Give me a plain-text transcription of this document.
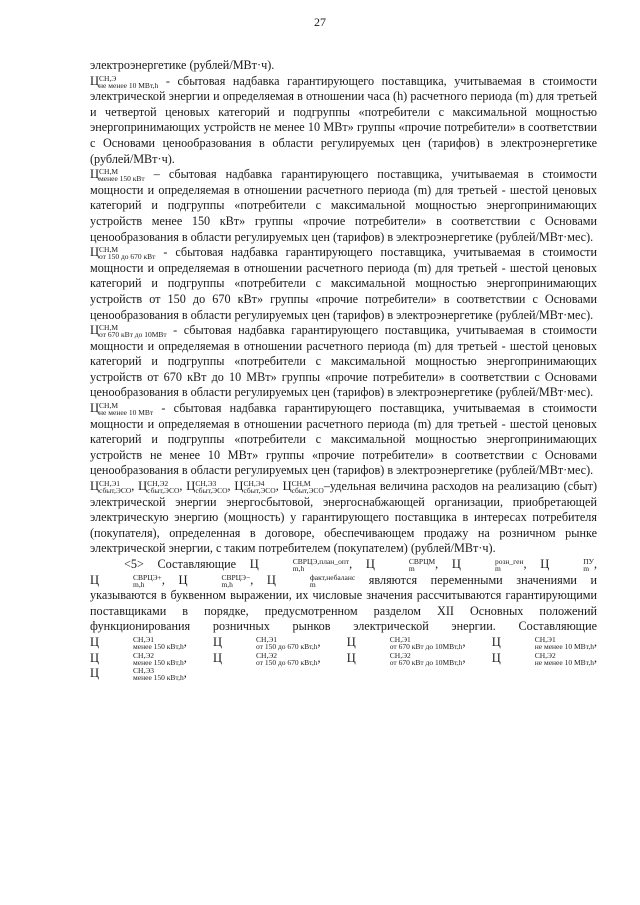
27

электроэнергетике (рублей/МВт·ч).

Ц СН,Э
не менее 10 МВт,h - сбытовая надбавка гарантирующего поставщика, учитываемая в стоимости электрической энергии и определяемая в отношении часа (h) расчетного периода (m) для третьей и четвертой ценовых категорий и подгруппы «потребители с максимальной мощностью энергопринимающих устройств не менее 10 МВт» группы «прочие потребители» в соответствии с Основами ценообразования в области регулируемых цен (тарифов) в электроэнергетике (рублей/МВт·ч).

Ц СН,М
менее 150 кВт – сбытовая надбавка гарантирующего поставщика, учитываемая в стоимости мощности и определяемая в отношении расчетного периода (m) для третьей - шестой ценовых категорий и подгруппы «потребители с максимальной мощностью энергопринимающих устройств менее 150 кВт» группы «прочие потребители» в соответствии с Основами ценообразования в области регулируемых цен (тарифов) в электроэнергетике (рублей/МВт·мес).

Ц СН,М
от 150 до 670 кВт - сбытовая надбавка гарантирующего поставщика, учитываемая в стоимости мощности и определяемая в отношении расчетного периода (m) для третьей - шестой ценовых категорий и подгруппы «потребители с максимальной мощностью энергопринимающих устройств от 150 до 670 кВт» группы «прочие потребители» в соответствии с Основами ценообразования в области регулируемых цен (тарифов) в электроэнергетике (рублей/МВт·мес).

Ц СН,М
от 670 кВт до 10МВт - сбытовая надбавка гарантирующего поставщика, учитываемая в стоимости мощности и определяемая в отношении расчетного периода (m) для третьей - шестой ценовых категорий и подгруппы «потребители с максимальной мощностью энергопринимающих устройств от 670 кВт до 10 МВт» группы «прочие потребители» в соответствии с Основами ценообразования в области регулируемых цен (тарифов) в электроэнергетике (рублей/МВт·мес).

Ц СН,М
не менее 10 МВт - сбытовая надбавка гарантирующего поставщика, учитываемая в стоимости мощности и определяемая в отношении расчетного периода (m) для третьей - шестой ценовых категорий и подгруппы «потребители с максимальной мощностью энергопринимающих устройств не менее 10 МВт» группы «прочие потребители» в соответствии с Основами ценообразования в области регулируемых цен (тарифов) в электроэнергетике (рублей/МВт·мес).

Ц СН,Э1
сбыт,ЭСО , Ц СН,Э2
сбыт,ЭСО , Ц СН,Э3
сбыт,ЭСО , Ц СН,Э4
сбыт,ЭСО , Ц СН,М
сбыт,ЭСО –удельная величина расходов на реализацию (сбыт) электрической энергии энергосбытовой, энергоснабжающей организации, приобретающей электрическую энергию (мощность) у гарантирующего поставщика в интересах потребителя (покупателя), определенная в договоре, обеспечивающем продажу на розничном рынке электрической энергии, с таким потребителем (покупателем) (рублей/МВт·ч).

<5> Составляющие Ц	СВРЦЭ,план_опт
m,h	, Ц	СВРЦМ
m	, Ц	розн_ген
m	, Ц	ПУ
m , Ц	СВРЦЭ+
m,h	, Ц	СВРЦЭ−
m,h	, Ц	факт,небаланс
m	являются переменными значениями и указываются в буквенном выражении, их числовые значения рассчитываются гарантирующими поставщиками в порядке, предусмотренном разделом XII Основных положений функционирования розничных рынков электрической энергии. Составляющие Ц	СН,Э1
менее 150 кВт,h , Ц	СН,Э1
от 150 до 670 кВт,h , Ц	СН,Э1
от 670 кВт до 10МВт,h , Ц	СН,Э1
не менее 10 МВт,h , Ц	СН,Э2
менее 150 кВт,h , Ц	СН,Э2
от 150 до 670 кВт,h , Ц	СН,Э2
от 670 кВт до 10МВт,h , Ц	СН,Э2
не менее 10 МВт,h , Ц	СН,Э3
менее 150 кВт,h ,
